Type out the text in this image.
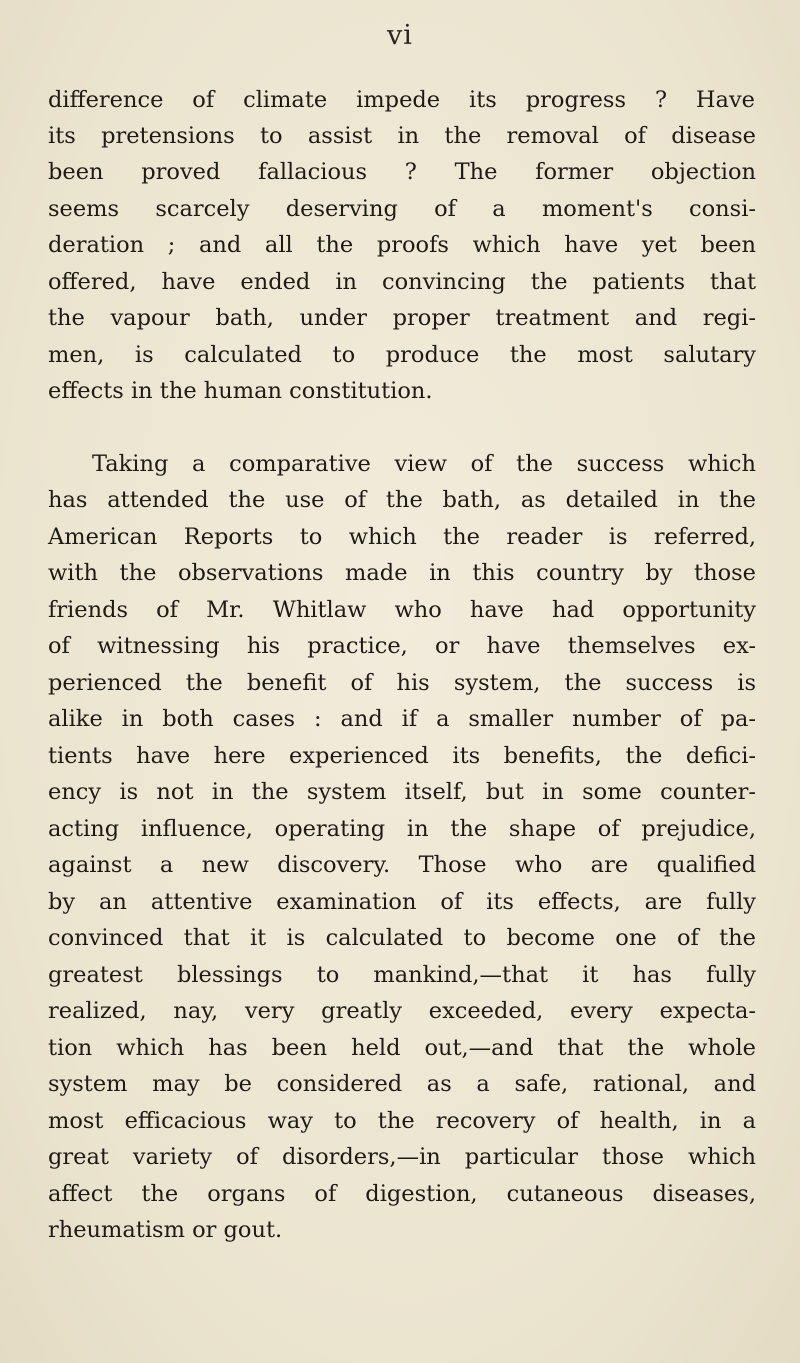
vi
difference of climate impede its progress ? Have
its pretensions to assist in the removal of disease
been proved fallacious ? The former objection
seems scarcely deserving of a moment's consi-
deration ; and all the proofs which have yet been
offered, have ended in convincing the patients that
the vapour bath, under proper treatment and regi-
men, is calculated to produce the most salutary
effects in the human constitution.
Taking a comparative view of the success which
has attended the use of the bath, as detailed in the
American Reports to which the reader is referred,
with the observations made in this country by those
friends of Mr. Whitlaw who have had opportunity
of witnessing his practice, or have themselves ex-
perienced the benefit of his system, the success is
alike in both cases : and if a smaller number of pa-
tients have here experienced its benefits, the defici-
ency is not in the system itself, but in some counter-
acting influence, operating in the shape of prejudice,
against a new discovery. Those who are qualified
by an attentive examination of its effects, are fully
convinced that it is calculated to become one of the
greatest blessings to mankind,—that it has fully
realized, nay, very greatly exceeded, every expecta-
tion which has been held out,—and that the whole
system may be considered as a safe, rational, and
most efficacious way to the recovery of health, in a
great variety of disorders,—in particular those which
affect the organs of digestion, cutaneous diseases,
rheumatism or gout.
